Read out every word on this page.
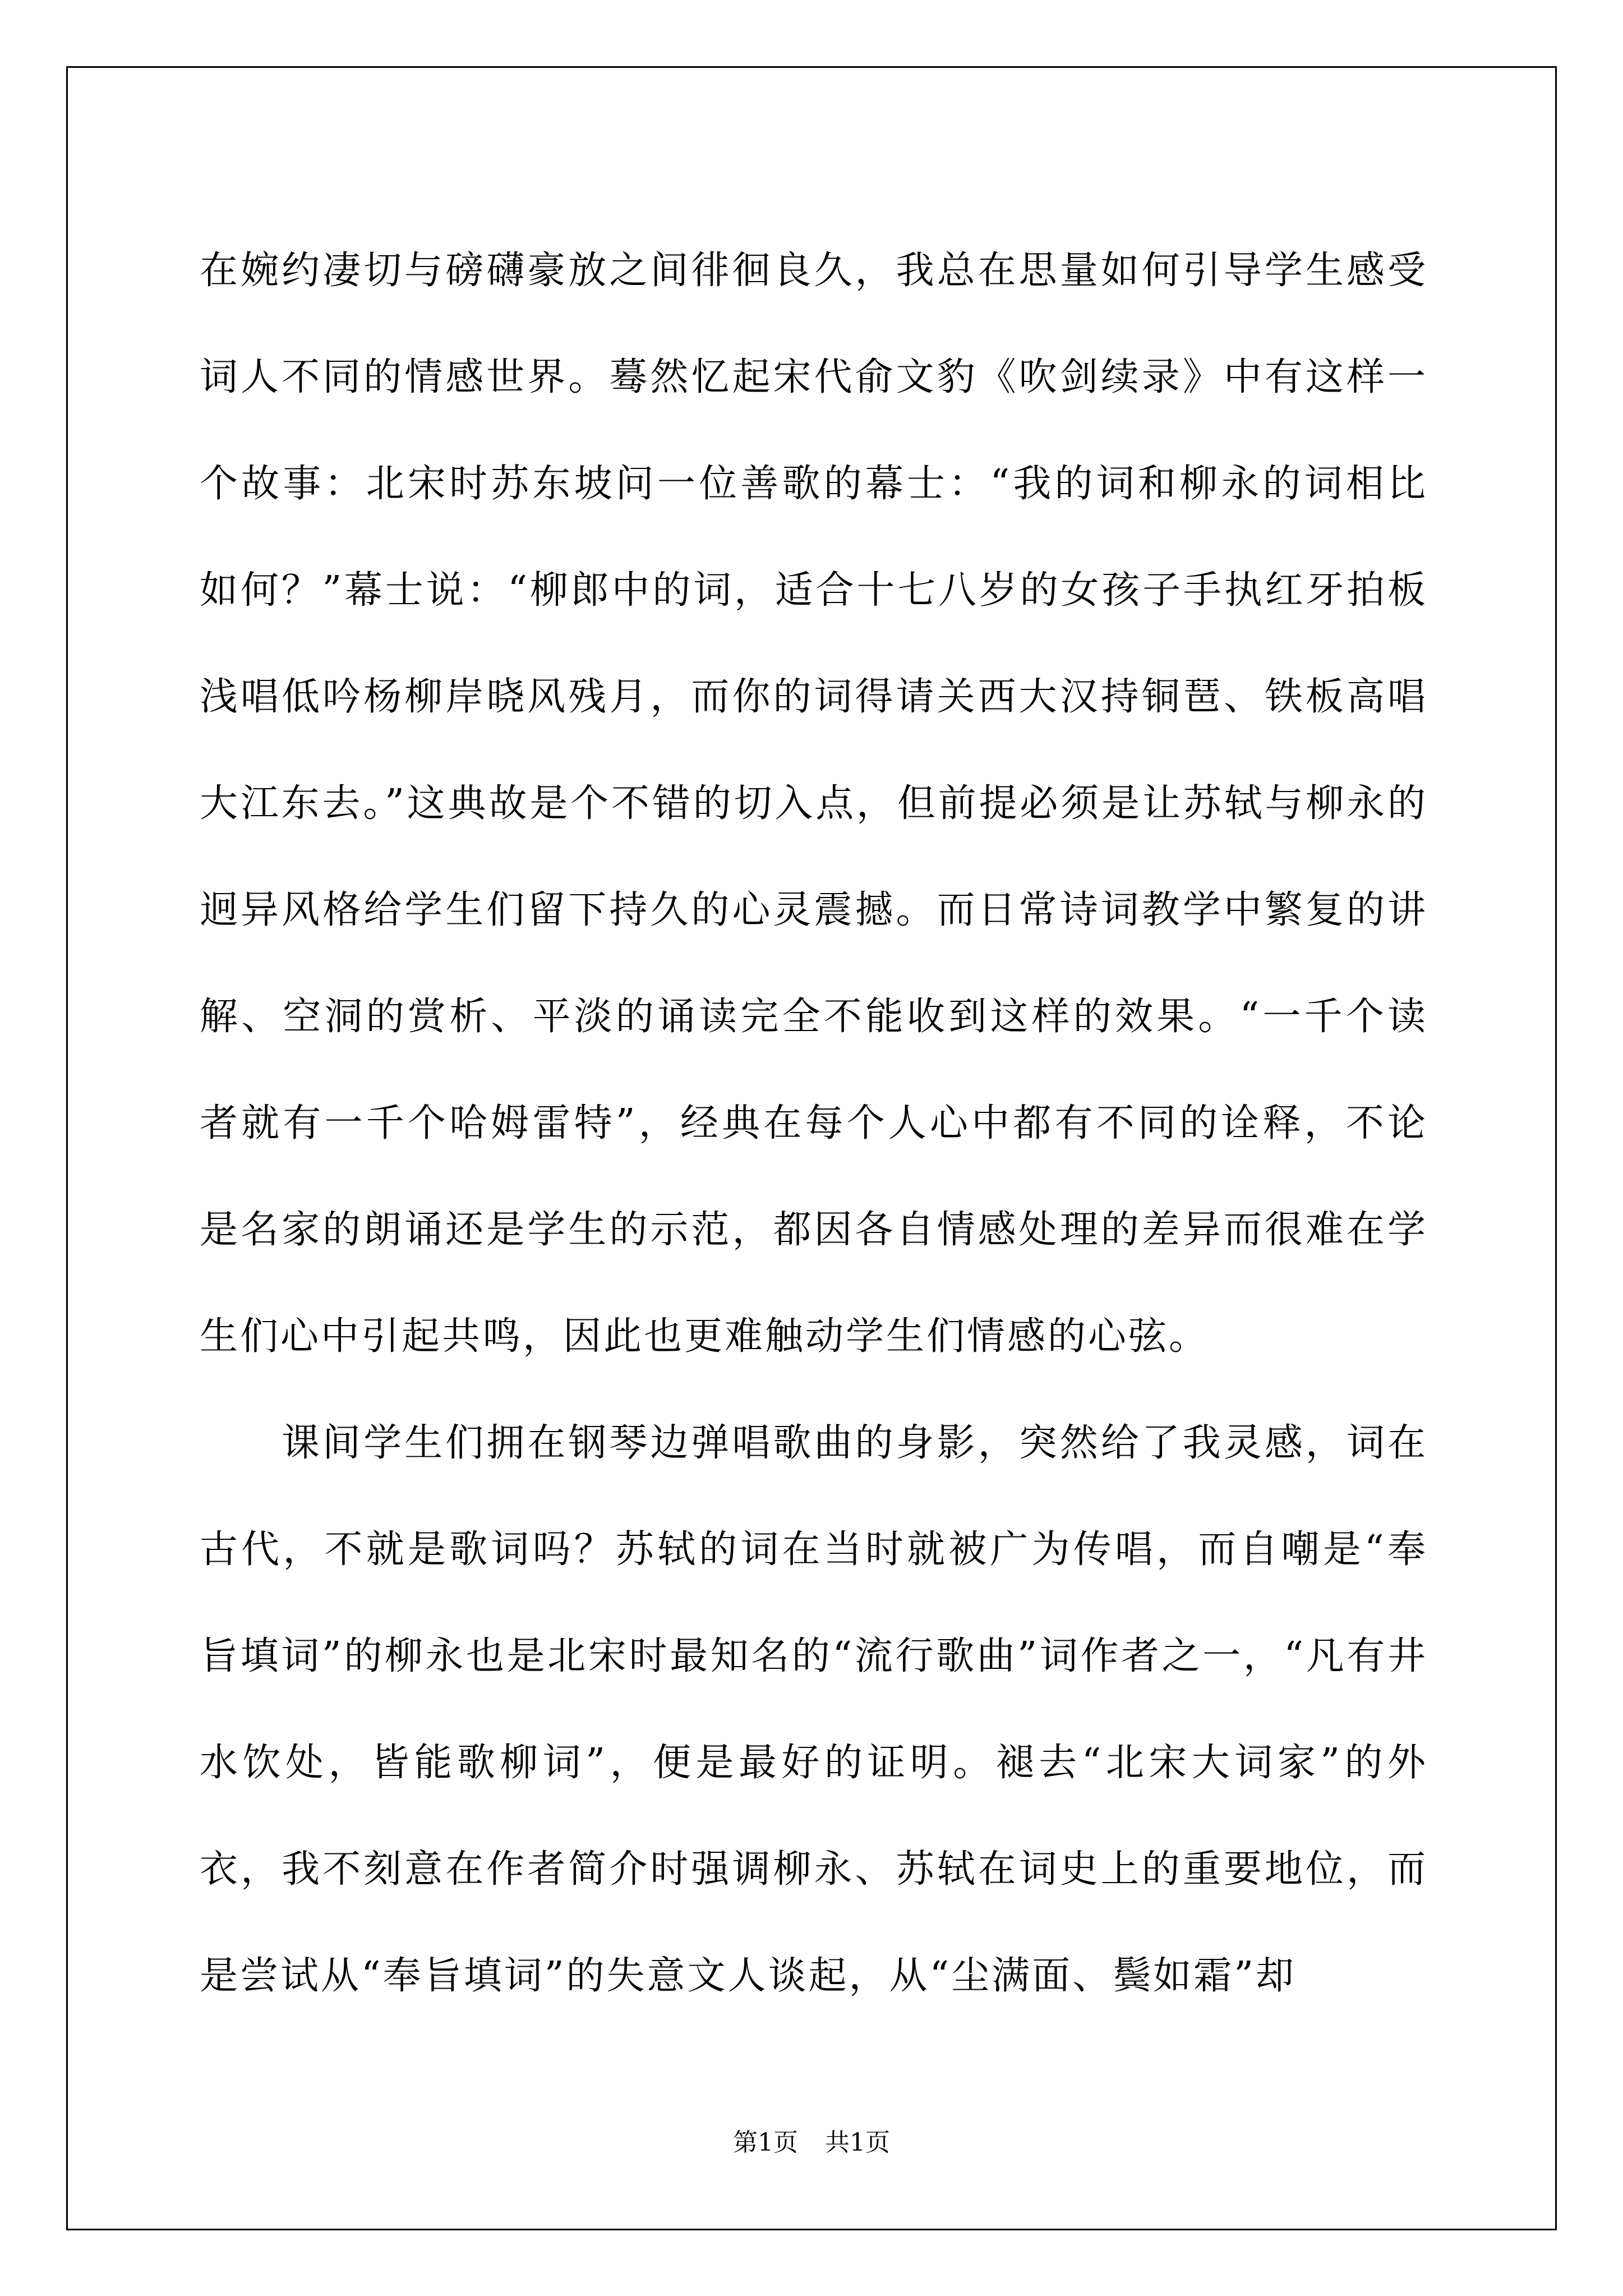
在婉约凄切与磅礴豪放之间徘徊良久，我总在思量如何引导学生感受词人不同的情感世界。蓦然忆起宋代俞文豹《吹剑续录》中有这样一个故事：北宋时苏东坡问一位善歌的幕士：“我的词和柳永的词相比如何？”幕士说：“柳郎中的词，适合十七八岁的女孩子手执红牙拍板浅唱低吟杨柳岸晓风残月，而你的词得请关西大汉持铜琶、铁板高唱大江东去。”这典故是个不错的切入点，但前提必须是让苏轼与柳永的迥异风格给学生们留下持久的心灵震撼。而日常诗词教学中繁复的讲解、空洞的赏析、平淡的诵读完全不能收到这样的效果。“一千个读者就有一千个哈姆雷特”，经典在每个人心中都有不同的诠释，不论是名家的朗诵还是学生的示范，都因各自情感处理的差异而很难在学生们心中引起共鸣，因此也更难触动学生们情感的心弦。

课间学生们拥在钢琴边弹唱歌曲的身影，突然给了我灵感，词在古代，不就是歌词吗？苏轼的词在当时就被广为传唱，而自嘲是“奉旨填词”的柳永也是北宋时最知名的“流行歌曲”词作者之一，“凡有井水饮处，皆能歌柳词”，便是最好的证明。褪去“北宋大词家”的外衣，我不刻意在作者简介时强调柳永、苏轼在词史上的重要地位，而是尝试从“奉旨填词”的失意文人谈起，从“尘满面、鬓如霜”却

第1页 共1页
